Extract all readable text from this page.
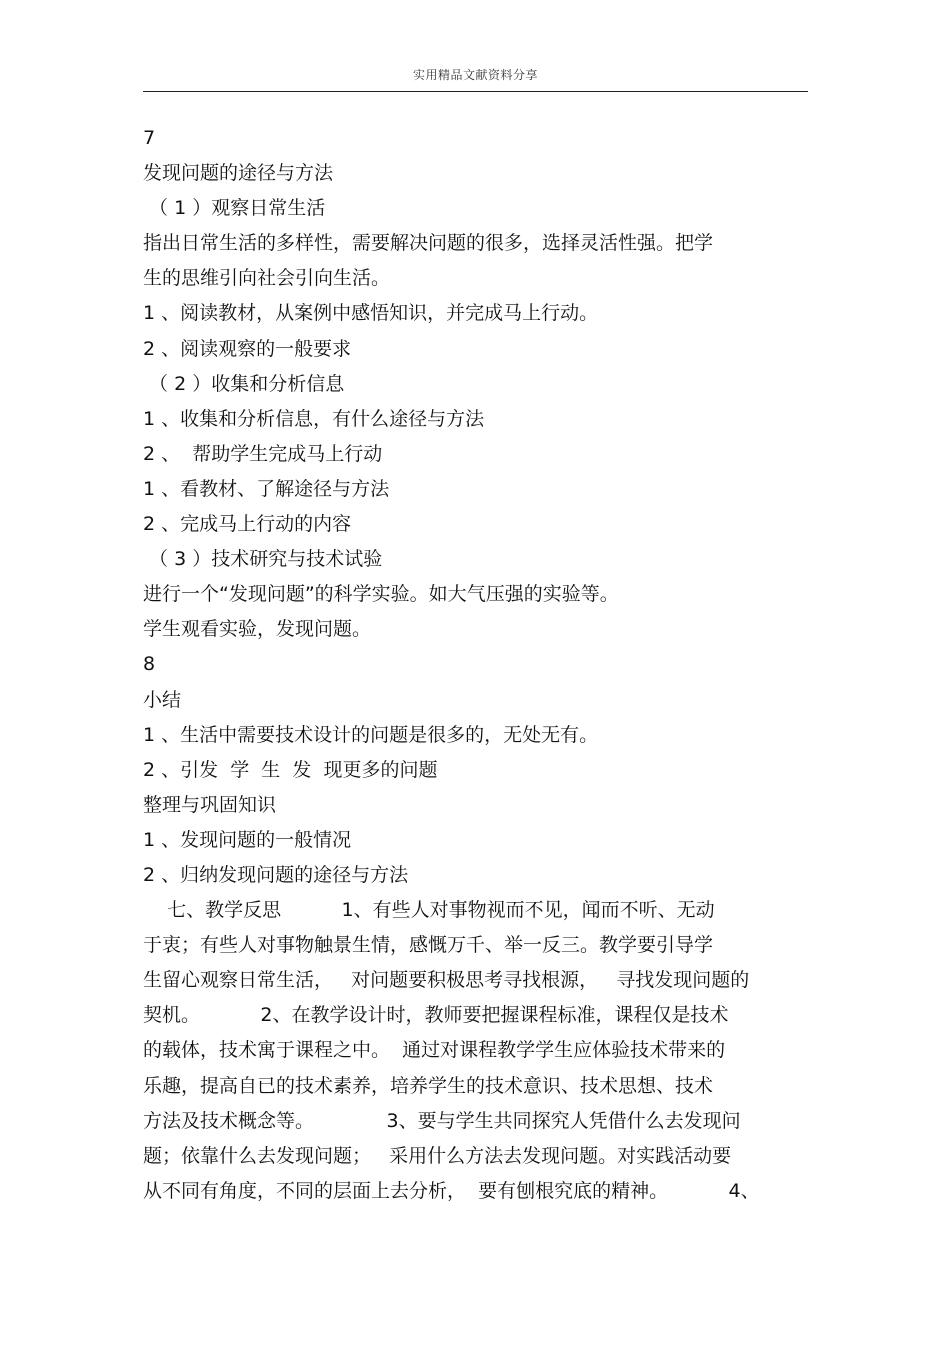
实用精品文献资料分享
7
发现问题的途径与方法
（ 1 ）观察日常生活
指出日常生活的多样性，需要解决问题的很多，选择灵活性强。把学
生的思维引向社会引向生活。
1 、阅读教材，从案例中感悟知识，并完成马上行动。
2 、阅读观察的一般要求
（ 2 ）收集和分析信息
1 、收集和分析信息，有什么途径与方法
2 、  帮助学生完成马上行动
1 、看教材、了解途径与方法
2 、完成马上行动的内容
（ 3 ）技术研究与技术试验
进行一个“发现问题”的科学实验。如大气压强的实验等。
学生观看实验，发现问题。
8
小结
1 、生活中需要技术设计的问题是很多的，无处无有。
2 、引发  学  生  发  现更多的问题
整理与巩固知识
1 、发现问题的一般情况
2 、归纳发现问题的途径与方法
七、教学反思          1、有些人对事物视而不见，闻而不听、无动
于衷；有些人对事物触景生情，感慨万千、举一反三。教学要引导学
生留心观察日常生活，   对问题要积极思考寻找根源，   寻找发现问题的
契机。          2、在教学设计时，教师要把握课程标准，课程仅是技术
的载体，技术寓于课程之中。  通过对课程教学学生应体验技术带来的
乐趣，提高自已的技术素养，培养学生的技术意识、技术思想、技术
方法及技术概念等。            3、要与学生共同探究人凭借什么去发现问
题；依靠什么去发现问题；   采用什么方法去发现问题。对实践活动要
从不同有角度，不同的层面上去分析，  要有刨根究底的精神。          4、
